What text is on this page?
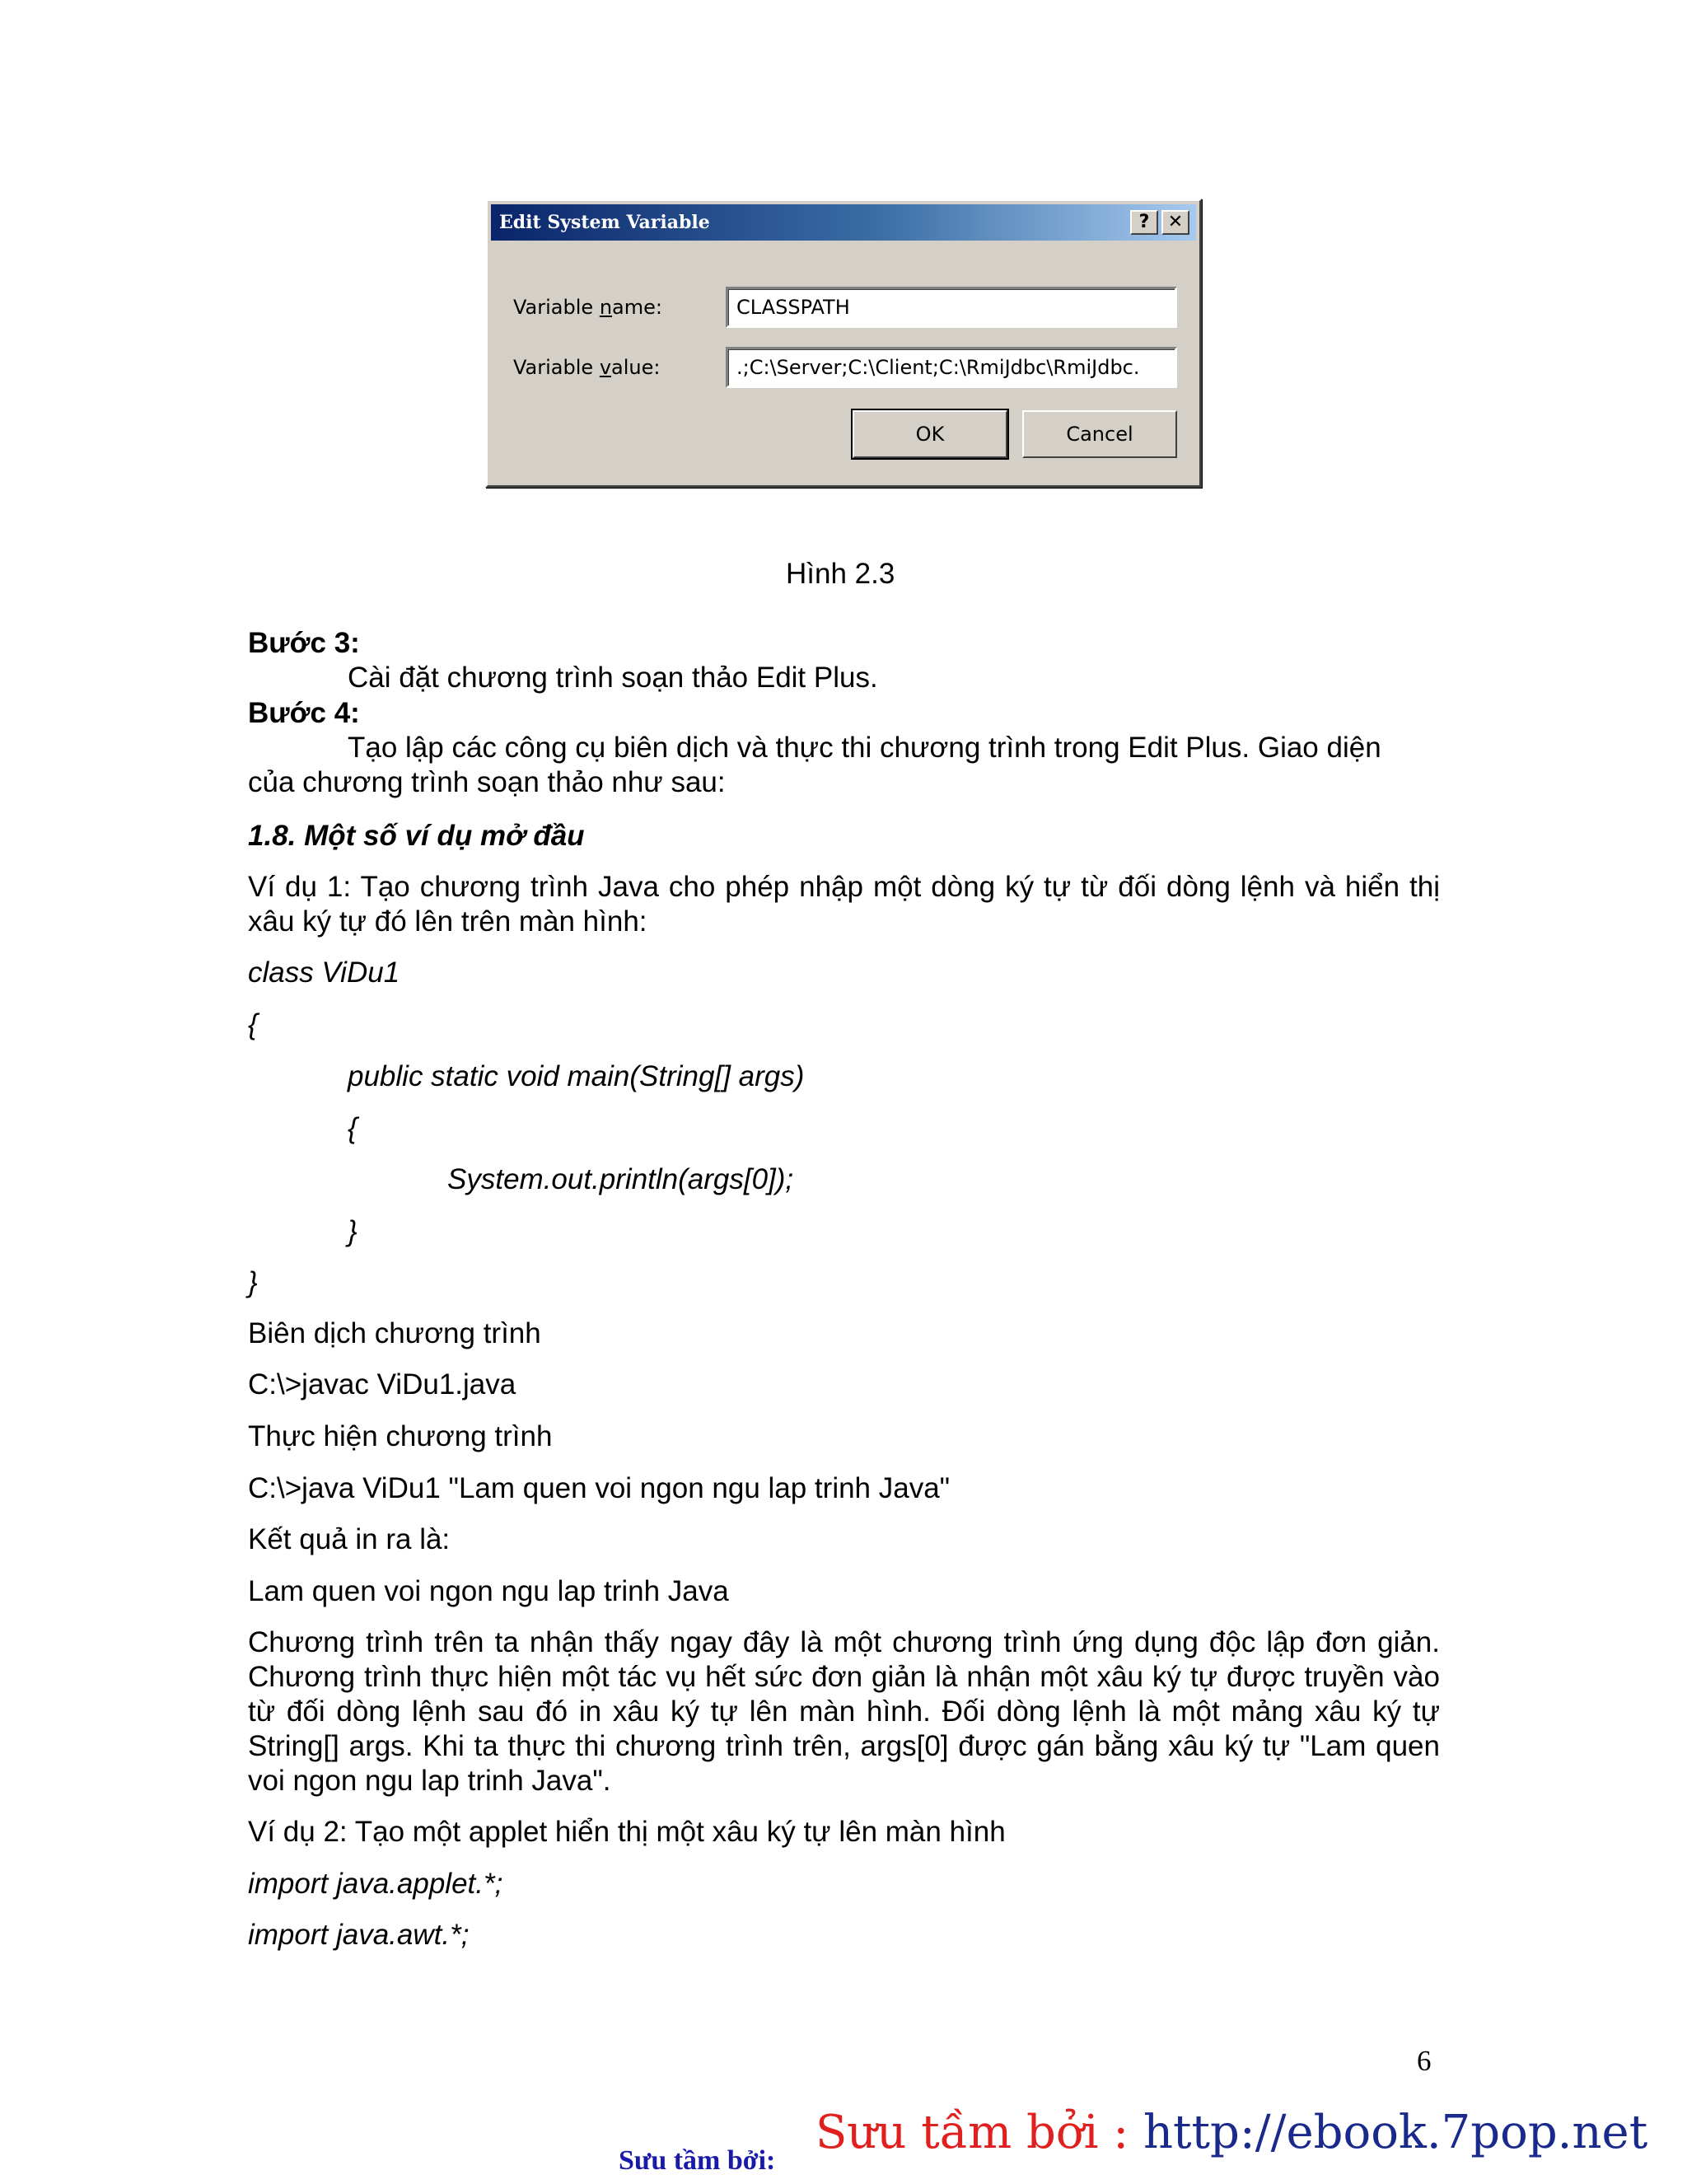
Edit System Variable	?	✕
Variable name:	CLASSPATH
Variable value:	.;C:\Server;C:\Client;C:\RmiJdbc\RmiJdbc.
OK	Cancel
Hình 2.3
Bước 3:
Cài đặt chương trình soạn thảo Edit Plus.
Bước 4:
Tạo lập các công cụ biên dịch và thực thi chương trình trong Edit Plus. Giao diện
của chương trình soạn thảo như sau:
1.8. Một số ví dụ mở đầu
Ví dụ 1: Tạo chương trình Java cho phép nhập một dòng ký tự từ đối dòng lệnh và hiển thị xâu ký tự đó lên trên màn hình:
class ViDu1
{
public static void main(String[] args)
{
System.out.println(args[0]);
}
}
Biên dịch chương trình
C:\>javac ViDu1.java
Thực hiện chương trình
C:\>java ViDu1 "Lam quen voi ngon ngu lap trinh Java"
Kết quả in ra là:
Lam quen voi ngon ngu lap trinh Java
Chương trình trên ta nhận thấy ngay đây là một chương trình ứng dụng độc lập đơn giản. Chương trình thực hiện một tác vụ hết sức đơn giản là nhận một xâu ký tự được truyền vào từ đối dòng lệnh sau đó in xâu ký tự lên màn hình. Đối dòng lệnh là một mảng xâu ký tự String[] args. Khi ta thực thi chương trình trên, args[0] được gán bằng xâu ký tự "Lam quen voi ngon ngu lap trinh Java".
Ví dụ 2: Tạo một applet hiển thị một xâu ký tự lên màn hình
import java.applet.*;
import java.awt.*;
6
Sưu tầm bởi:
Sưu tầm bởi : http://ebook.7pop.net
